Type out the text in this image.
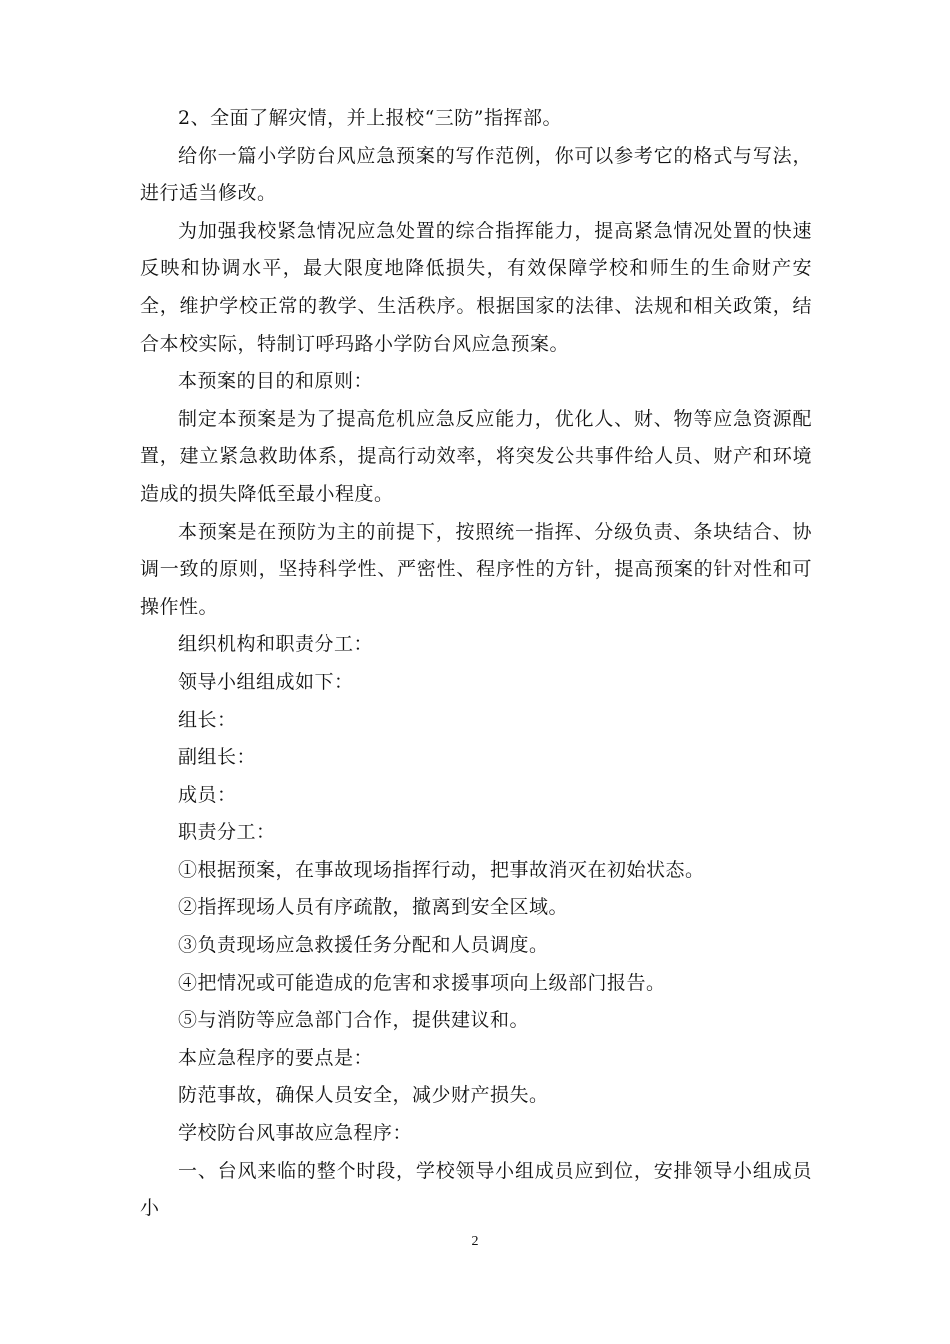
2、全面了解灾情，并上报校“三防”指挥部。

给你一篇小学防台风应急预案的写作范例，你可以参考它的格式与写法，进行适当修改。

为加强我校紧急情况应急处置的综合指挥能力，提高紧急情况处置的快速反映和协调水平，最大限度地降低损失，有效保障学校和师生的生命财产安全，维护学校正常的教学、生活秩序。根据国家的法律、法规和相关政策，结合本校实际，特制订呼玛路小学防台风应急预案。

本预案的目的和原则：

制定本预案是为了提高危机应急反应能力，优化人、财、物等应急资源配置，建立紧急救助体系，提高行动效率，将突发公共事件给人员、财产和环境造成的损失降低至最小程度。

本预案是在预防为主的前提下，按照统一指挥、分级负责、条块结合、协调一致的原则，坚持科学性、严密性、程序性的方针，提高预案的针对性和可操作性。

组织机构和职责分工：

领导小组组成如下：

组长：

副组长：

成员：

职责分工：

①根据预案，在事故现场指挥行动，把事故消灭在初始状态。

②指挥现场人员有序疏散，撤离到安全区域。

③负责现场应急救援任务分配和人员调度。

④把情况或可能造成的危害和求援事项向上级部门报告。

⑤与消防等应急部门合作，提供建议和。

本应急程序的要点是：

防范事故，确保人员安全，减少财产损失。

学校防台风事故应急程序：

一、台风来临的整个时段，学校领导小组成员应到位，安排领导小组成员小

2
